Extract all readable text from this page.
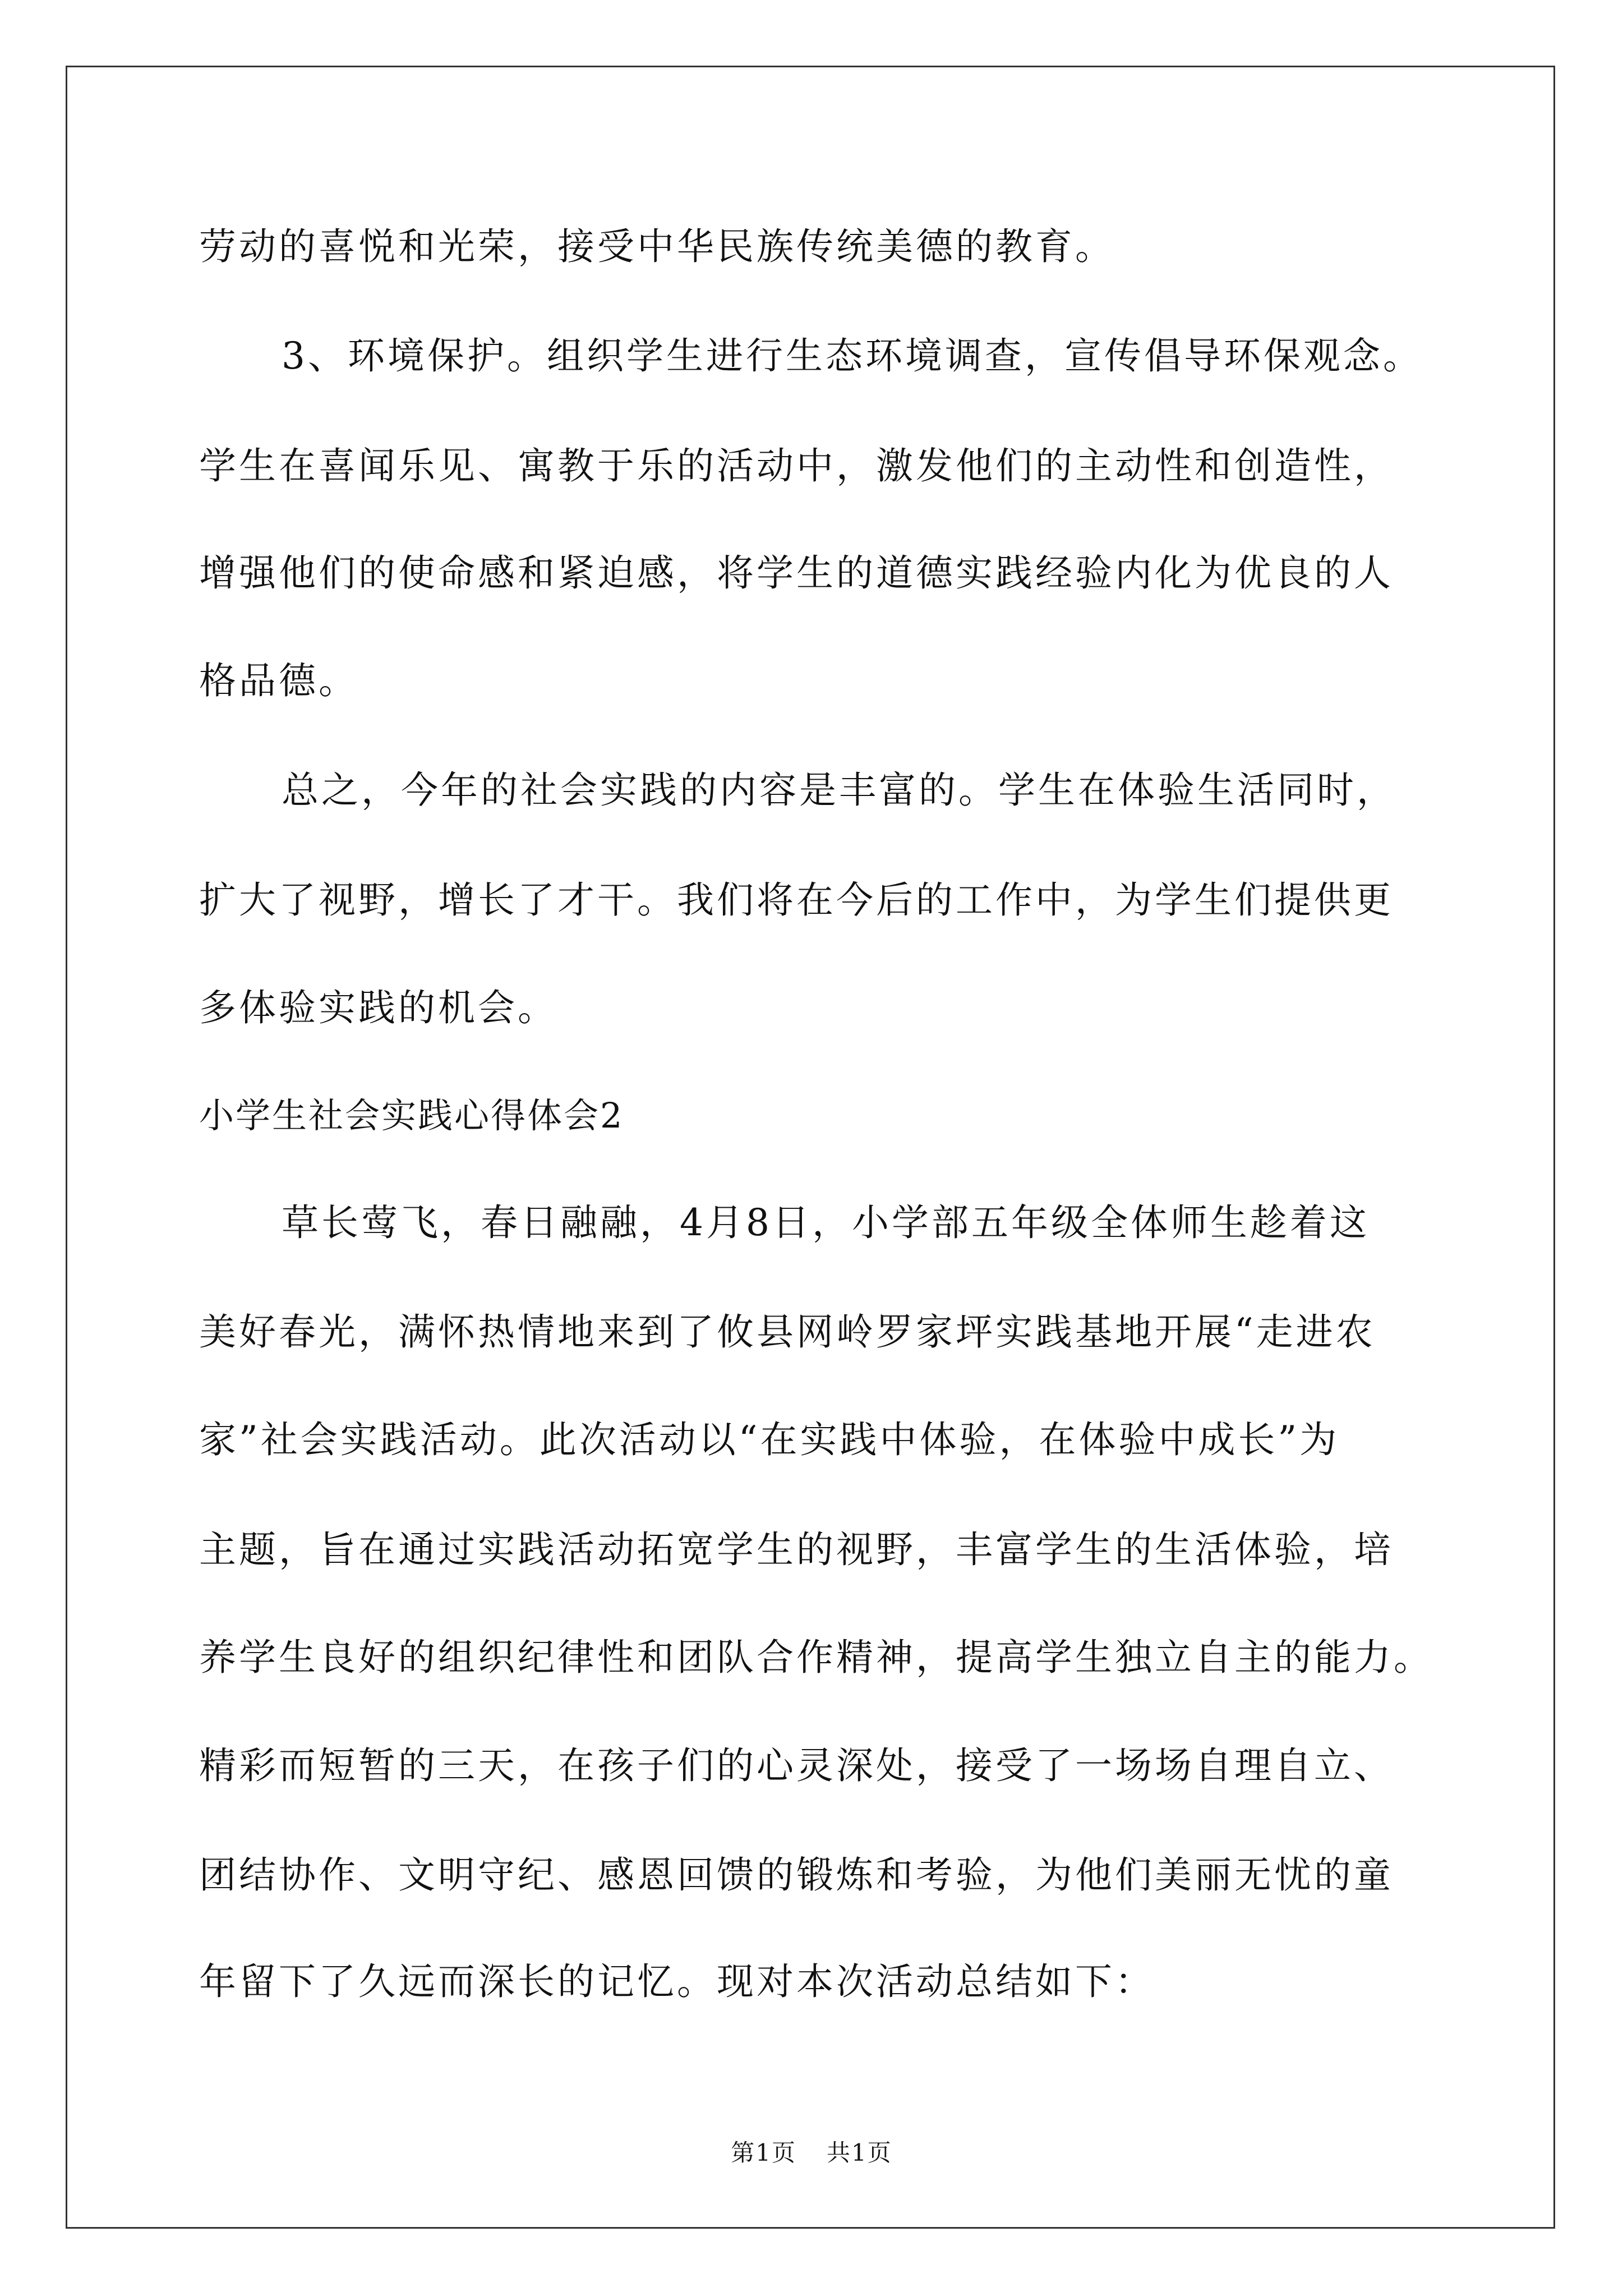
劳动的喜悦和光荣，接受中华民族传统美德的教育。
3、环境保护。组织学生进行生态环境调查，宣传倡导环保观念。
学生在喜闻乐见、寓教于乐的活动中，激发他们的主动性和创造性，
增强他们的使命感和紧迫感，将学生的道德实践经验内化为优良的人
格品德。
总之，今年的社会实践的内容是丰富的。学生在体验生活同时，
扩大了视野，增长了才干。我们将在今后的工作中，为学生们提供更
多体验实践的机会。
小学生社会实践心得体会2
草长莺飞，春日融融，4月8日，小学部五年级全体师生趁着这
美好春光，满怀热情地来到了攸县网岭罗家坪实践基地开展“走进农
家”社会实践活动。此次活动以“在实践中体验，在体验中成长”为
主题，旨在通过实践活动拓宽学生的视野，丰富学生的生活体验，培
养学生良好的组织纪律性和团队合作精神，提高学生独立自主的能力。
精彩而短暂的三天，在孩子们的心灵深处，接受了一场场自理自立、
团结协作、文明守纪、感恩回馈的锻炼和考验，为他们美丽无忧的童
年留下了久远而深长的记忆。现对本次活动总结如下：
第1页 共1页
